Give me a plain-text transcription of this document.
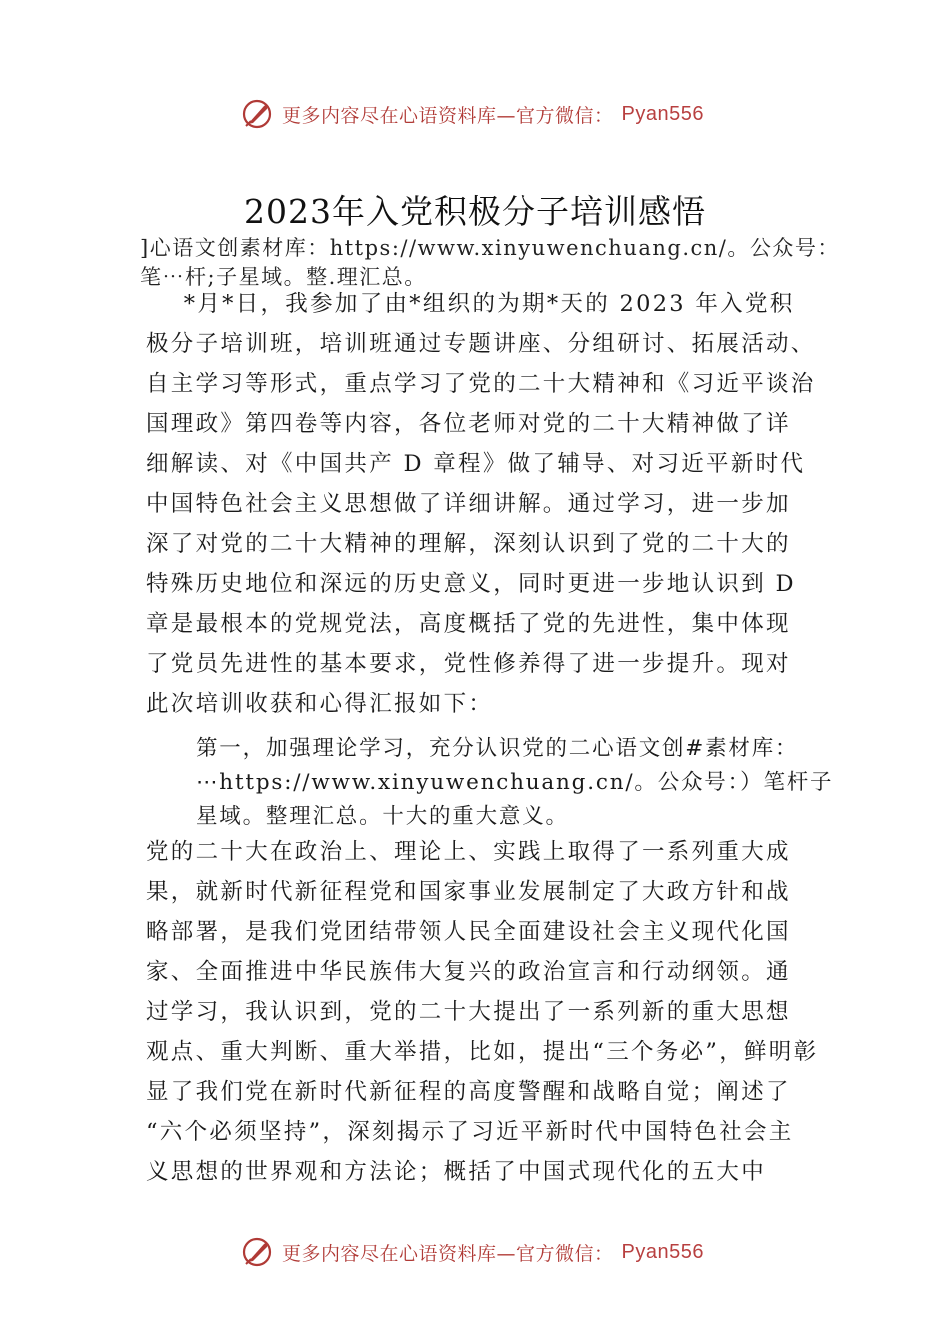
更多内容尽在心语资料库—官方微信： Pyan556
2023年入党积极分子培训感悟
]心语文创素材库：https://www.xinyuwenchuang.cn/。公众号：
笔⋯杆;子星域。整.理汇总。
*月*日，我参加了由*组织的为期*天的 2023 年入党积
极分子培训班，培训班通过专题讲座、分组研讨、拓展活动、
自主学习等形式，重点学习了党的二十大精神和《习近平谈治
国理政》第四卷等内容，各位老师对党的二十大精神做了详
细解读、对《中国共产 D 章程》做了辅导、对习近平新时代
中国特色社会主义思想做了详细讲解。通过学习，进一步加
深了对党的二十大精神的理解，深刻认识到了党的二十大的
特殊历史地位和深远的历史意义，同时更进一步地认识到 D
章是最根本的党规党法，高度概括了党的先进性，集中体现
了党员先进性的基本要求，党性修养得了进一步提升。现对
此次培训收获和心得汇报如下：
第一，加强理论学习，充分认识党的二心语文创#素材库：
⋯https://www.xinyuwenchuang.cn/。公众号：）笔杆子
星域。整理汇总。十大的重大意义。
党的二十大在政治上、理论上、实践上取得了一系列重大成
果，就新时代新征程党和国家事业发展制定了大政方针和战
略部署，是我们党团结带领人民全面建设社会主义现代化国
家、全面推进中华民族伟大复兴的政治宣言和行动纲领。通
过学习，我认识到，党的二十大提出了一系列新的重大思想
观点、重大判断、重大举措，比如，提出“三个务必”，鲜明彰
显了我们党在新时代新征程的高度警醒和战略自觉；阐述了
“六个必须坚持”，深刻揭示了习近平新时代中国特色社会主
义思想的世界观和方法论；概括了中国式现代化的五大中
更多内容尽在心语资料库—官方微信： Pyan556
